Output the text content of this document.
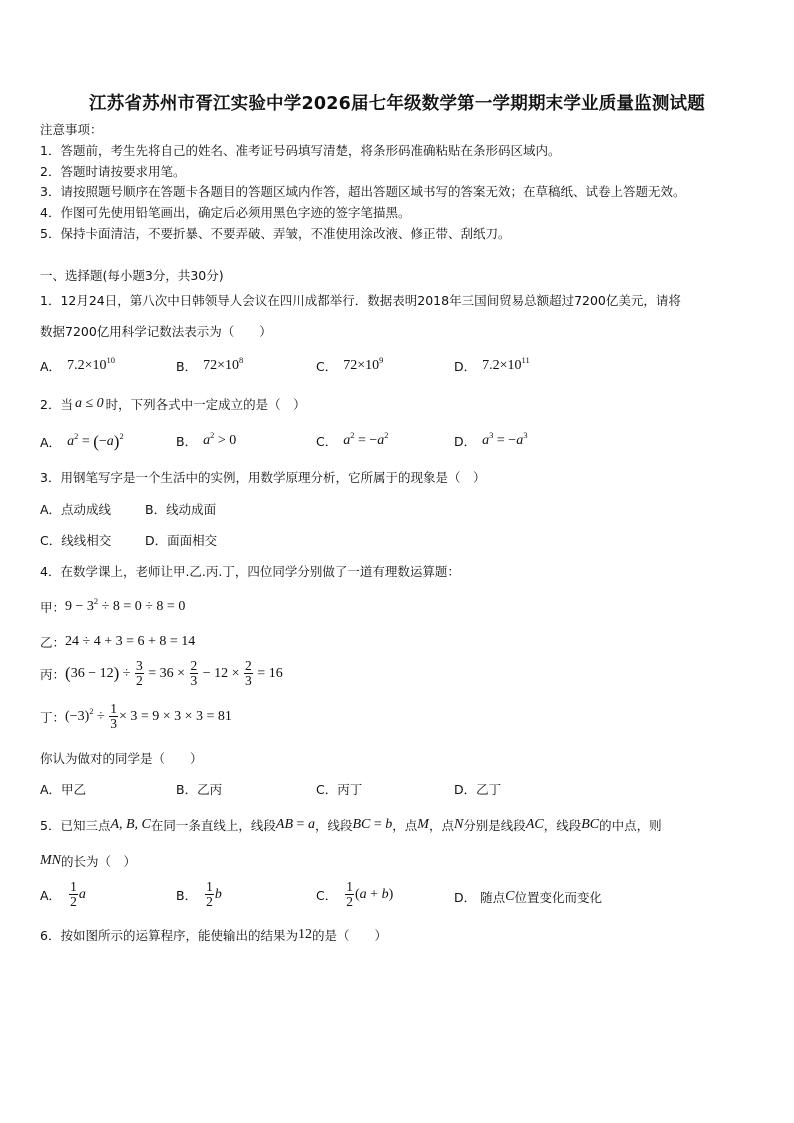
江苏省苏州市胥江实验中学2026届七年级数学第一学期期末学业质量监测试题
注意事项：
1．答题前，考生先将自己的姓名、准考证号码填写清楚，将条形码准确粘贴在条形码区域内。
2．答题时请按要求用笔。
3．请按照题号顺序在答题卡各题目的答题区域内作答，超出答题区域书写的答案无效；在草稿纸、试卷上答题无效。
4．作图可先使用铅笔画出，确定后必须用黑色字迹的签字笔描黑。
5．保持卡面清洁，不要折暴、不要弄破、弄皱，不准使用涂改液、修正带、刮纸刀。
一、选择题(每小题3分，共30分)
1．12月24日，第八次中日韩领导人会议在四川成都举行．数据表明2018年三国间贸易总额超过7200亿美元，请将
数据7200亿用科学记数法表示为（　　）
A． $7.2\times 10^{10}$	B． $72\times 10^8$	C． $72\times 10^9$	D． $7.2\times 10^{11}$
2．当 a ≤ 0 时，下列各式中一定成立的是（　）
A． $a^2 = (-a)^2$	B． $a^2 > 0$	C． $a^2 = -a^2$	D． $a^3 = -a^3$
3．用钢笔写字是一个生活中的实例，用数学原理分析，它所属于的现象是（　）
A．点动成线	B．线动成面
C．线线相交	D．面面相交
4．在数学课上，老师让甲.乙.丙.丁，四位同学分别做了一道有理数运算题：
甲： $9 - 3^2 \div 8 = 0 \div 8 = 0$
乙： 24 ÷ 4 + 3 = 6 + 8 = 14
丙： $(36 - 12) \div \frac{3}{2} = 36 \times \frac{2}{3} - 12 \times \frac{2}{3} = 16$
丁： $(-3)^2 \div \frac{1}{3} \times 3 = 9 \times 3 \times 3 = 81$
你认为做对的同学是（　　）
A．甲乙	B．乙丙	C．丙丁	D．乙丁
5．已知三点 A, B, C 在同一条直线上，线段 AB = a ，线段 BC = b ，点 M ，点 N 分别是线段 AC ，线段 BC 的中点，则
MN 的长为（　）
A． $\frac{1}{2}$ a	B． $\frac{1}{2}$ b	C． $\frac{1}{2} (a + b)$	D． 随点 C 位置变化而变化
6．按如图所示的运算程序，能使输出的结果为 12 的是（　　）
